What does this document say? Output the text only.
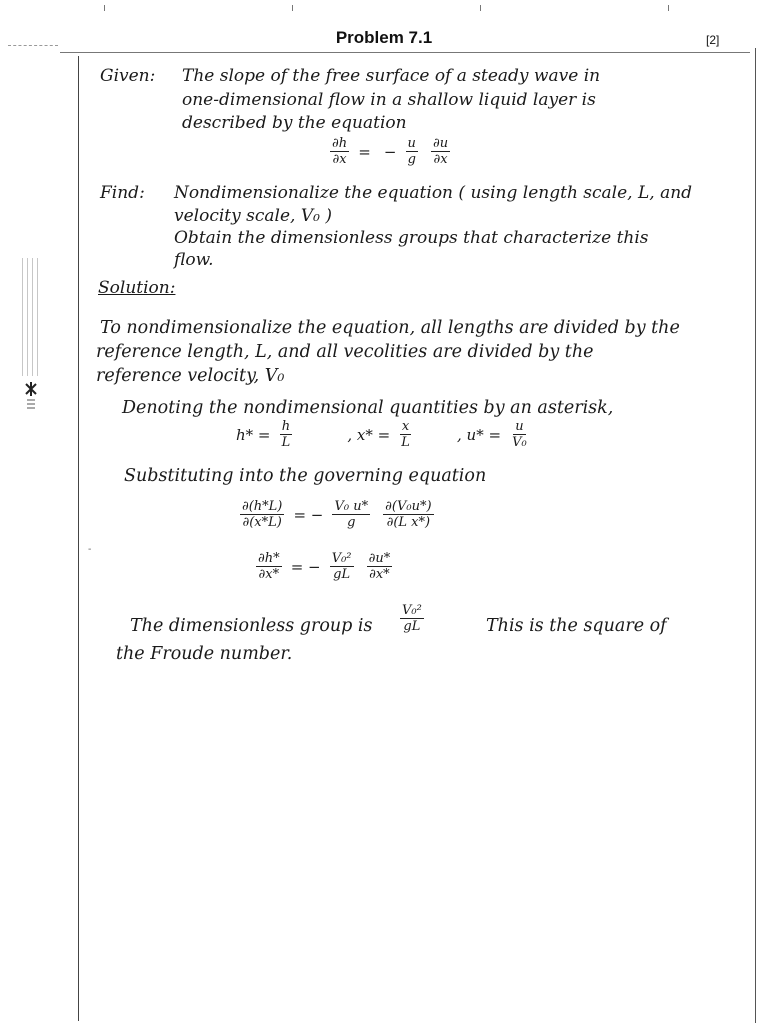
Problem 7.1	[2]
Given: The slope of the free surface of a steady wave in
one-dimensional flow in a shallow liquid layer is
described by the equation
$\frac{\partial h}{\partial x}$ = − $\frac{u}{g}$
$\frac{\partial u}{\partial x}$
Find: Nondimensionalize the equation ( using length scale, L, and
velocity scale, V₀ )
Obtain the dimensionless groups that characterize this
flow.
Solution:
To nondimensionalize the equation, all lengths are divided by the
reference length, L, and all vecolities are divided by the
reference velocity, V₀
Denoting the nondimensional quantities by an asterisk,
$h* = \frac{h}{L}$	, $x* = \frac{x}{L}$	, $u* = \frac{u}{\text{V₀}}$
Substituting into the governing equation
$\frac{\partial(h*L)}{\partial(x*L)}$ = − $\frac{\text{V₀ u*}}{g}$
$\frac{\text{∂(V₀u*)}}{\text{∂(L x*)}}$
$\frac{\partial h*}{\partial x*}$ = − $\frac{\text{V₀²}}{gL}$
$\frac{\partial u*}{\partial x*}$
-
The dimensionless group is $\frac{\text{V₀²}}{gL}$	This is the square of
the Froude number.
